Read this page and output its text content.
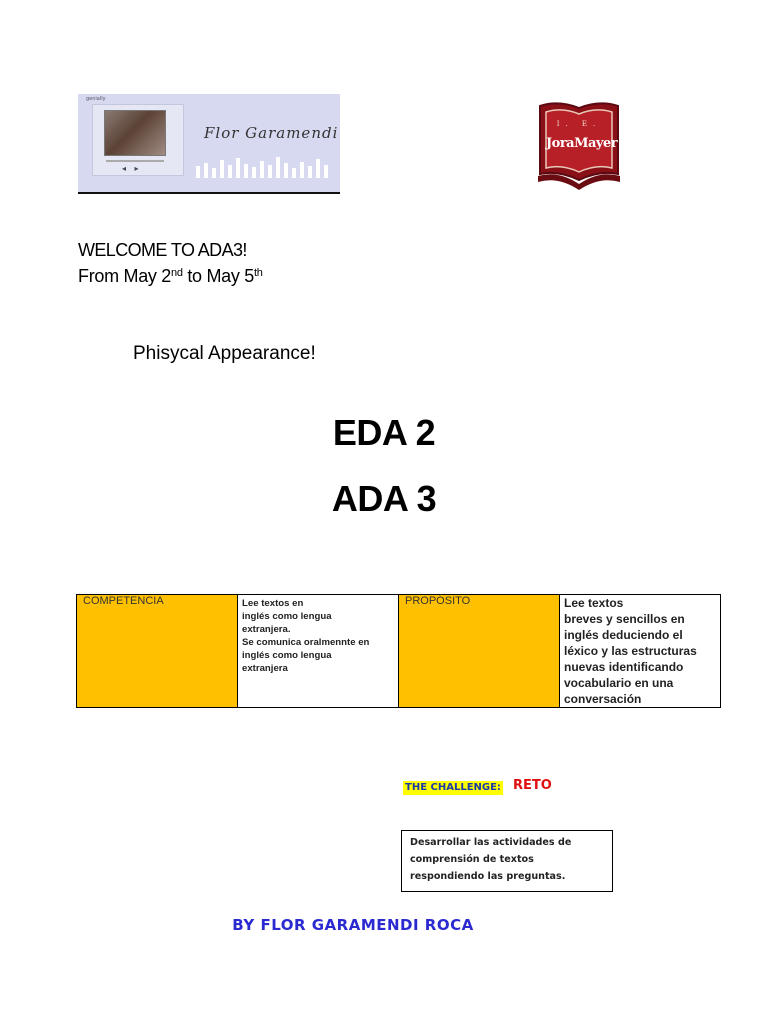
genially
◂ ▸
Flor Garamendi	I. E.
JoraMayer
WELCOME TO ADA3!
From May 2nd to May 5th
Phisycal Appearance!
EDA 2
ADA 3
COMPETENCIA	Lee textos en
inglés como lengua
extranjera.
Se comunica oralmennte en
inglés como lengua
extranjera
	PROPÓSITO	Lee textos
breves y sencillos en
inglés deduciendo el
léxico y las estructuras
nuevas identificando
vocabulario en una
conversación
THE CHALLENGE: RETO
Desarrollar las actividades de
comprensión de textos
respondiendo las preguntas.
BY FLOR GARAMENDI ROCA
